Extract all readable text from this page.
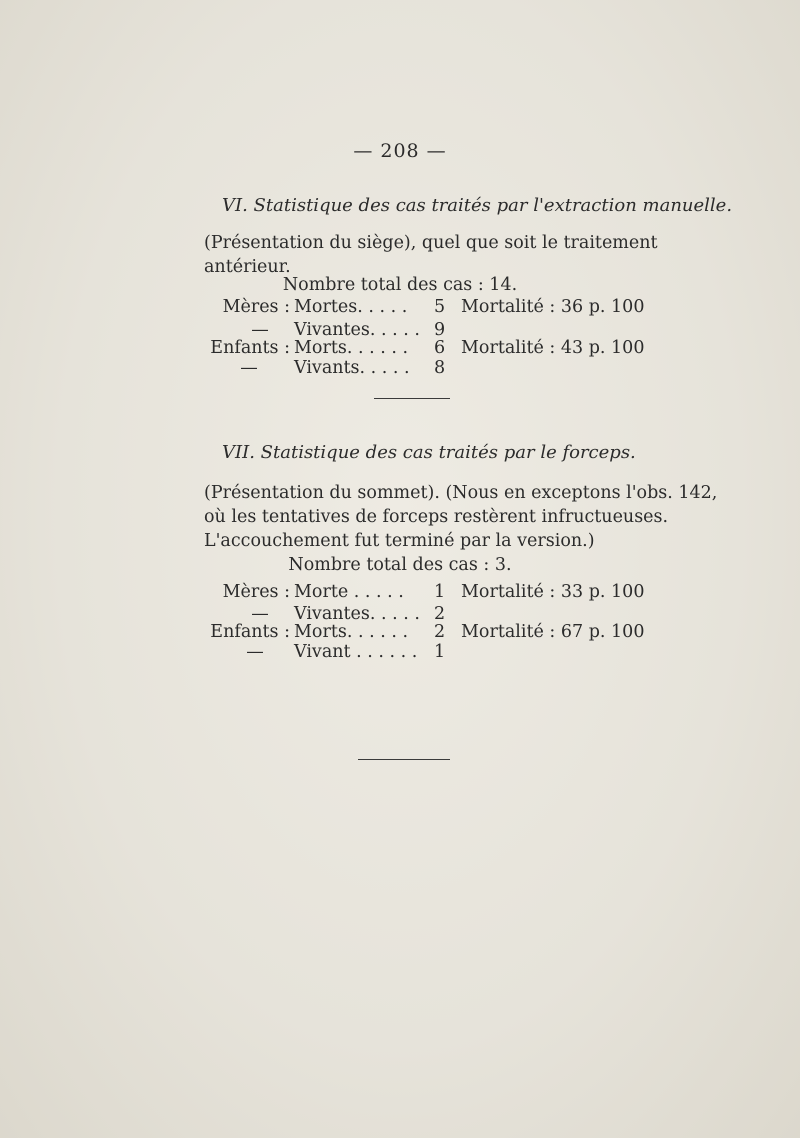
— 208 —
VI. Statistique des cas traités par l'extraction manuelle.
(Présentation du siège), quel que soit le traitement
antérieur.
Nombre total des cas : 14.
Mères : Mortes. . . . . 5 Mortalité : 36 p. 100
— Vivantes. . . . . 9
Enfants : Morts. . . . . . 6 Mortalité : 43 p. 100
—	Vivants. . . . . 8
VII. Statistique des cas traités par le forceps.
(Présentation du sommet). (Nous en exceptons l'obs. 142,
où les tentatives de forceps restèrent infructueuses.
L'accouchement fut terminé par la version.)
Nombre total des cas : 3.
Mères : Morte . . . . . 1 Mortalité : 33 p. 100
— Vivantes. . . . . 2
Enfants : Morts. . . . . . 2 Mortalité : 67 p. 100
—	Vivant . . . . . . 1
